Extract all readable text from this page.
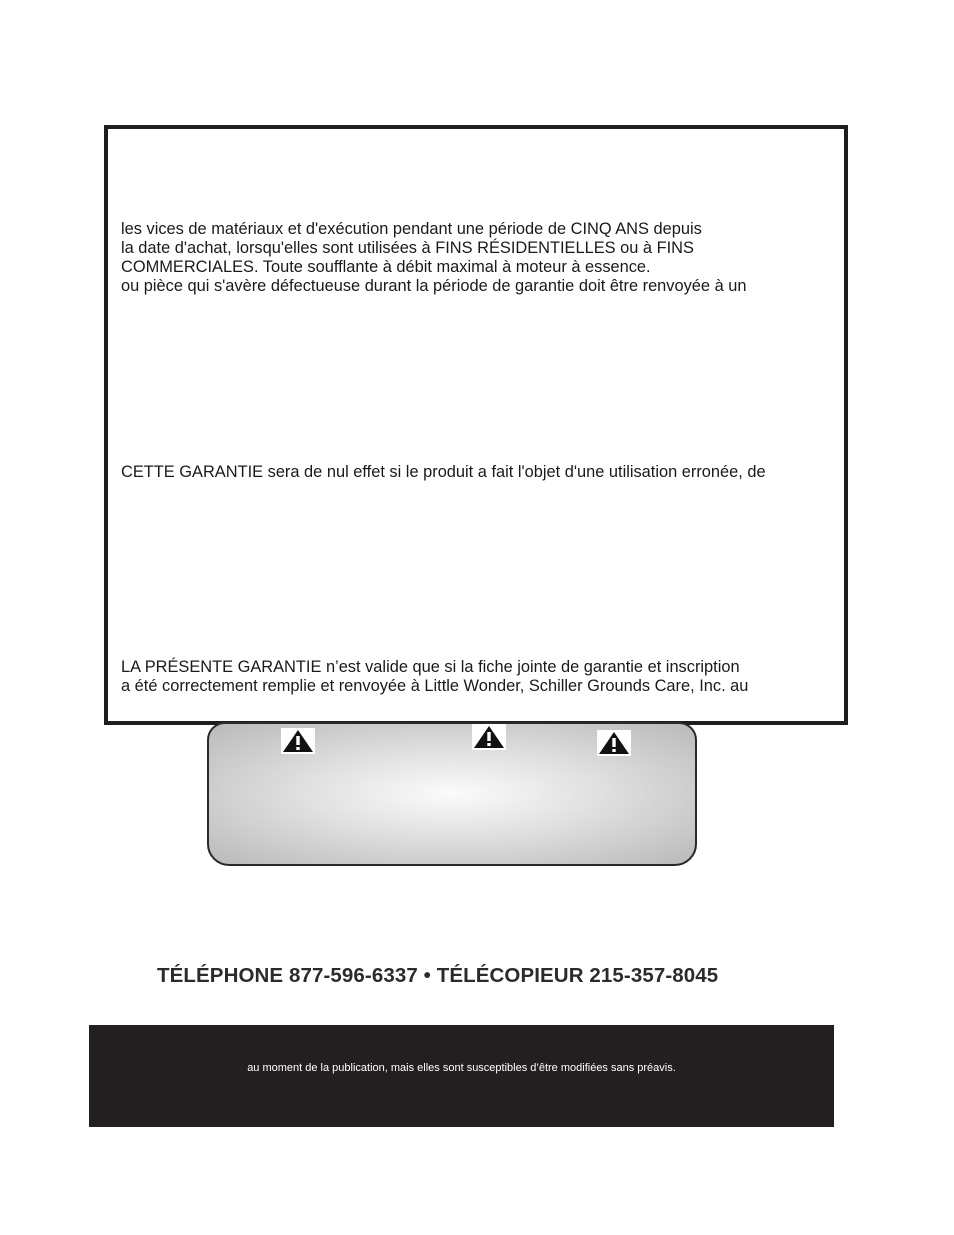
les vices de matériaux et d'exécution pendant une période de CINQ ANS depuis
la date d'achat, lorsqu'elles sont utilisées à FINS RÉSIDENTIELLES ou à FINS
COMMERCIALES. Toute soufflante à débit maximal à moteur à essence.
ou pièce qui s'avère défectueuse durant la période de garantie doit être renvoyée à un
CETTE GARANTIE sera de nul effet si le produit a fait l'objet d'une utilisation erronée, de
LA PRÉSENTE GARANTIE n’est valide que si la fiche jointe de garantie et inscription
a été correctement remplie et renvoyée à Little Wonder, Schiller Grounds Care, Inc. au
TÉLÉPHONE 877-596-6337 • TÉLÉCOPIEUR 215-357-8045
au moment de la publication, mais elles sont susceptibles d’être modifiées sans préavis.
